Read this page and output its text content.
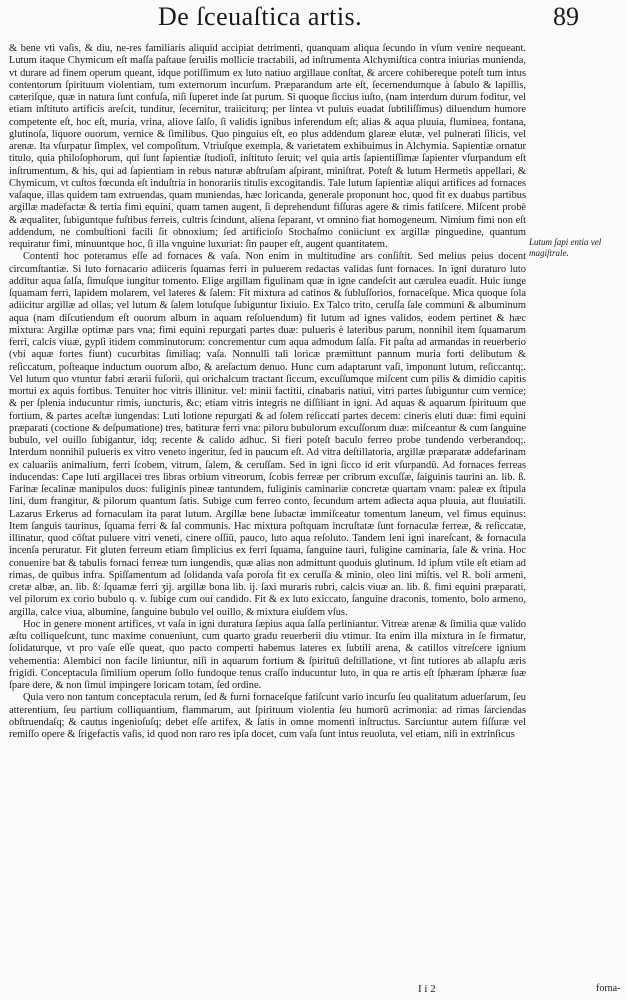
De ſceuaſtica artis.	89

& bene vti vaſis, & diu, ne-res familiaris aliquid accipiat detrimenti, quanquam aliqua ſecundo in vſum venire nequeant. Lutum itaque Chymicum eſt maſſa paſtaue ſeruilis mollicie tractabili, ad inſtrumenta Alchymiſtica contra iniurias munienda, vt durare ad finem operum queant, idque potiſſimum ex luto natiuo argillaue conſtat, & arcere cohibereque poteſt tum intus contentorum ſpirituum violentiam, tum externorum incurſum. Præparandum arte eſt, ſecernendumque à ſabulo & lapillis, cæteriſque, quæ in natura ſunt confuſa, niſi ſuperet inde ſat purum. Si quoque ſiccius iuſto, (nam interdum durum foditur, vel etiam inſtituto artificis areſcit, tunditur, ſecernitur, traiiciturq; per lintea vt puluis euadat ſubtiliſſimus) diluendum humore competente eſt, hoc eſt, muria, vrina, aliove ſalſo, ſi validis ignibus inferendum eſt; alias & aqua pluuia, fluminea, fontana, glutinoſa, liquore ouorum, vernice & ſimilibus. Quo pinguius eſt, eo plus addendum glareæ elutæ, vel pulnerati ſilicis, vel arenæ. Ita vſurpatur ſimplex, vel compoſitum. Vtriuſque exempla, & varietatem exhibuimus in Alchymia. Sapientiæ ornatur titulo, quia philoſophorum, qui ſunt ſapientiæ ſtudioſi, inſtituto ſeruit; vel quia artis ſapientiſſimæ ſapienter vſurpandum eſt inſtrumentum, & his, qui ad ſapientiam in rebus naturæ abſtruſam aſpirant, miniſtrat. Poteſt & lutum Hermetis appellari, & Chymicum, vt cuſtos fœcunda eſt induſtria in honorariis titulis excogitandis. Tale lutum ſapientiæ aliqui artifices ad fornaces vaſaque, illas quidem tam extruendas, quam muniendas, hæc loricanda, generale proponunt hoc, quod fit ex duabus partibus argillæ madefactæ & tertia fimi equini, quam tamen augent, ſi deprehendunt fiſſuras agere & rimis fatiſcere. Miſcent probè & æqualiter, ſubiguntque fuſtibus ferreis, cultris ſcindunt, aliena ſeparant, vt omnino fiat homogeneum. Nimium fimi non eſt addendum, ne combuſtioni facili ſit obnoxium; ſed artificioſo Stochaſmo coniiciunt ex argillæ pinguedine, quantum requiratur fimi, minuuntque hoc, ſi illa vnguine luxuriat: ſin pauper eſt, augent quantitatem.

Contenti hoc poteramus eſſe ad fornaces & vaſa. Non enim in multitudine ars conſiſtit. Sed melius peius docent circumſtantiæ. Si luto fornacario adiiceris ſquamas ferri in puluerem redactas validas ſunt fornaces. In igni duraturo luto additur aqua ſalſa, ſimuſque iungitur tomento. Elige argillam figulinam quæ in igne candeſcit aut cærulea euadit. Huic iunge ſquamam ferri, lapidem molarem, vel lateres & ſalem: Fit mixtura ad catinos & ſubluſſorios, fornaceſque. Mica quoque ſola adiicitur argillæ ad ollas; vel lutum & ſalem lotuſque ſubiguntur lixiuio. Ex Talco trito, ceruſſa ſale communi & albuminum aqua (nam diſcutiendum eſt ouorum album in aquam reſoluendum) fit lutum ad ignes validos, eodem pertinet & hæc mixtura: Argillæ optimæ pars vna; fimi equini repurgati partes duæ: pulueris è lateribus parum, nonnihil item ſquamarum ferri, calcis viuæ, gypſi itidem comminutorum: concrementur cum aqua admodum ſalſa. Fit paſta ad armandas in reuerberio (vbi aquæ fortes fiunt) cucurbitas ſimiliaq; vaſa. Nonnulli tali loricæ præmittunt pannum muria forti delibutum & reſiccatum, poſteaque inductum ouorum albo, & areſactum denuo. Hunc cum adaptarunt vaſi, imponunt lutum, reſiccantq;. Vel lutum quo vtuntur fabri ærarii fuſorii, qui orichalcum tractant ſiccum, excuſſumque miſcent cum pilis & dimidio capitis mortui ex aquis fortibus. Tenuiter hoc vitris illinitur. vel: minii factitii, cinabaris natiui, vitri partes ſubiguntur cum vernice; & per ſplenia inducuntur rimis, iuncturis, &c; etiam vitris integris ne diſſiliant in igni. Ad aquas & aquarum ſpirituum que fortium, & partes aceſtæ iungendas: Luti lotione repurgati & ad ſolem reſiccati partes decem: cineris eluti duæ: fimi equini præparati (coctione & deſpumatione) tres, batituræ ferri vna: piloru bubulorum excuſſorum duæ: miſceantur & cum ſanguine bubulo, vel ouillo ſubigantur, idq; recente & calido adhuc. Si fieri poteſt baculo ferreo probe tundendo verberandoq;. Interdum nonnihil pulueris ex vitro veneto ingeritur, ſed in paucum eſt. Ad vitra deſtillatoria, argillæ præparatæ addefarinam ex caluariis animalium, ferri ſcobem, vitrum, ſalem, & ceruſſam. Sed in igni ſicco id erit vſurpandū. Ad fornaces ferreas inducendas: Cape luti argillacei tres libras orbium vitreorum, ſcobis ferreæ per cribrum excuſſæ, ſaiguinis taurini an. lib. ß. Farinæ ſecalinæ manipulos duos: fuliginis pineæ tantundem, fuliginis caminariæ concretæ quartam vnam: paleæ ex ſtipula lini, dum frangitur, & pilorum quantum ſatis. Subige cum ferreo conto, ſecundum artem adiecta aqua pluuia, aut fluuiatili. Lazarus Erkerus ad fornaculam ita parat lutum. Argillæ bene ſubactæ immiſceatur tomentum laneum, vel fimus equinus: Item ſanguis taurinus, ſquama ferri & ſal communis. Hac mixtura poſtquam incruſtatæ ſunt fornaculæ ferreæ, & reſiccatæ, illinatur, quod cōſtat puluere vitri veneti, cinere oſſiū, pauco, luto aqua reſoluto. Tandem leni igni inareſcant, & fornacula incenſa peruratur. Fit gluten ferreum etiam ſimplicius ex ferri ſquama, ſanguine tauri, fuligine caminaria, ſale & vrina. Hoc conuenire bat & tabulis fornaci ferreæ tum iungendis, quæ alias non admittunt quoduis glutinum. Id ipſum vtile eſt etiam ad rimas, de quibus infra. Spiſſamentum ad ſolidanda vaſa poroſa fit ex ceruſſa & minio, oleo lini miſtis. vel R. boli armeni, cretæ albæ, an. lib. ß: ſquamæ ferri ʒij. argillæ bona lib. ij. ſaxi muraris rubri, calcis viuæ an. lib. ß. fimi equini præparati, vel pilorum ex corio bubulo q. v. ſubige cum oui candido. Fit & ex luto exiccato, ſanguine draconis, tomento, bolo armeno, argilla, calce viua, albumine, ſanguine bubulo vel ouillo, & mixtura eiuſdem vſus.

Hoc in genere monent artifices, vt vaſa in igni duratura ſæpius aqua ſalſa perliniantur. Vitreæ arenæ & ſimilia quæ valido æſtu colliqueſcunt, tunc maxime conueniunt, cum quarto gradu reuerberii diu vtimur. Ita enim illa mixtura in ſe firmatur, ſolidaturque, vt pro vaſe eſſe queat, quo pacto comperti habemus lateres ex ſubtili arena, & catillos vitreſcere ignium vehementia: Alembici non facile liniuntur, niſi in aquarum fortium & ſpirituū deſtillatione, vt ſint tutiores ab allapſu æris frigidi. Conceptacula ſimilium operum ſollo fundoque tenus craſſo inducuntur luto, in qua re artis eſt ſphæram ſphæræ ſuæ ſpare dere, & non ſimul impingere loricam totam, ſed ordine.

Quia vero non tantum conceptacula rerum, ſed & furni fornaceſque fatiſcunt vario incurſu ſeu qualitatum aduerſarum, ſeu atterentium, ſeu partium colliquantium, flammarum, aut ſpirituum violentia ſeu humorū acrimonia: ad rimas ſarciendas obſtruendaſq; & cautus ingenioſuſq; debet eſſe artifex, & ſatis in omne momenti inſtructus. Sarciuntur autem fiſſuræ vel remiſſo opere & ſrigefactis vaſis, id quod non raro res ipſa docet, cum vaſa ſunt intus reuoluta, vel etiam, niſi in extrinſicus

Lutum ſapi entia vel magiſtrale.
I i 2	forna-
